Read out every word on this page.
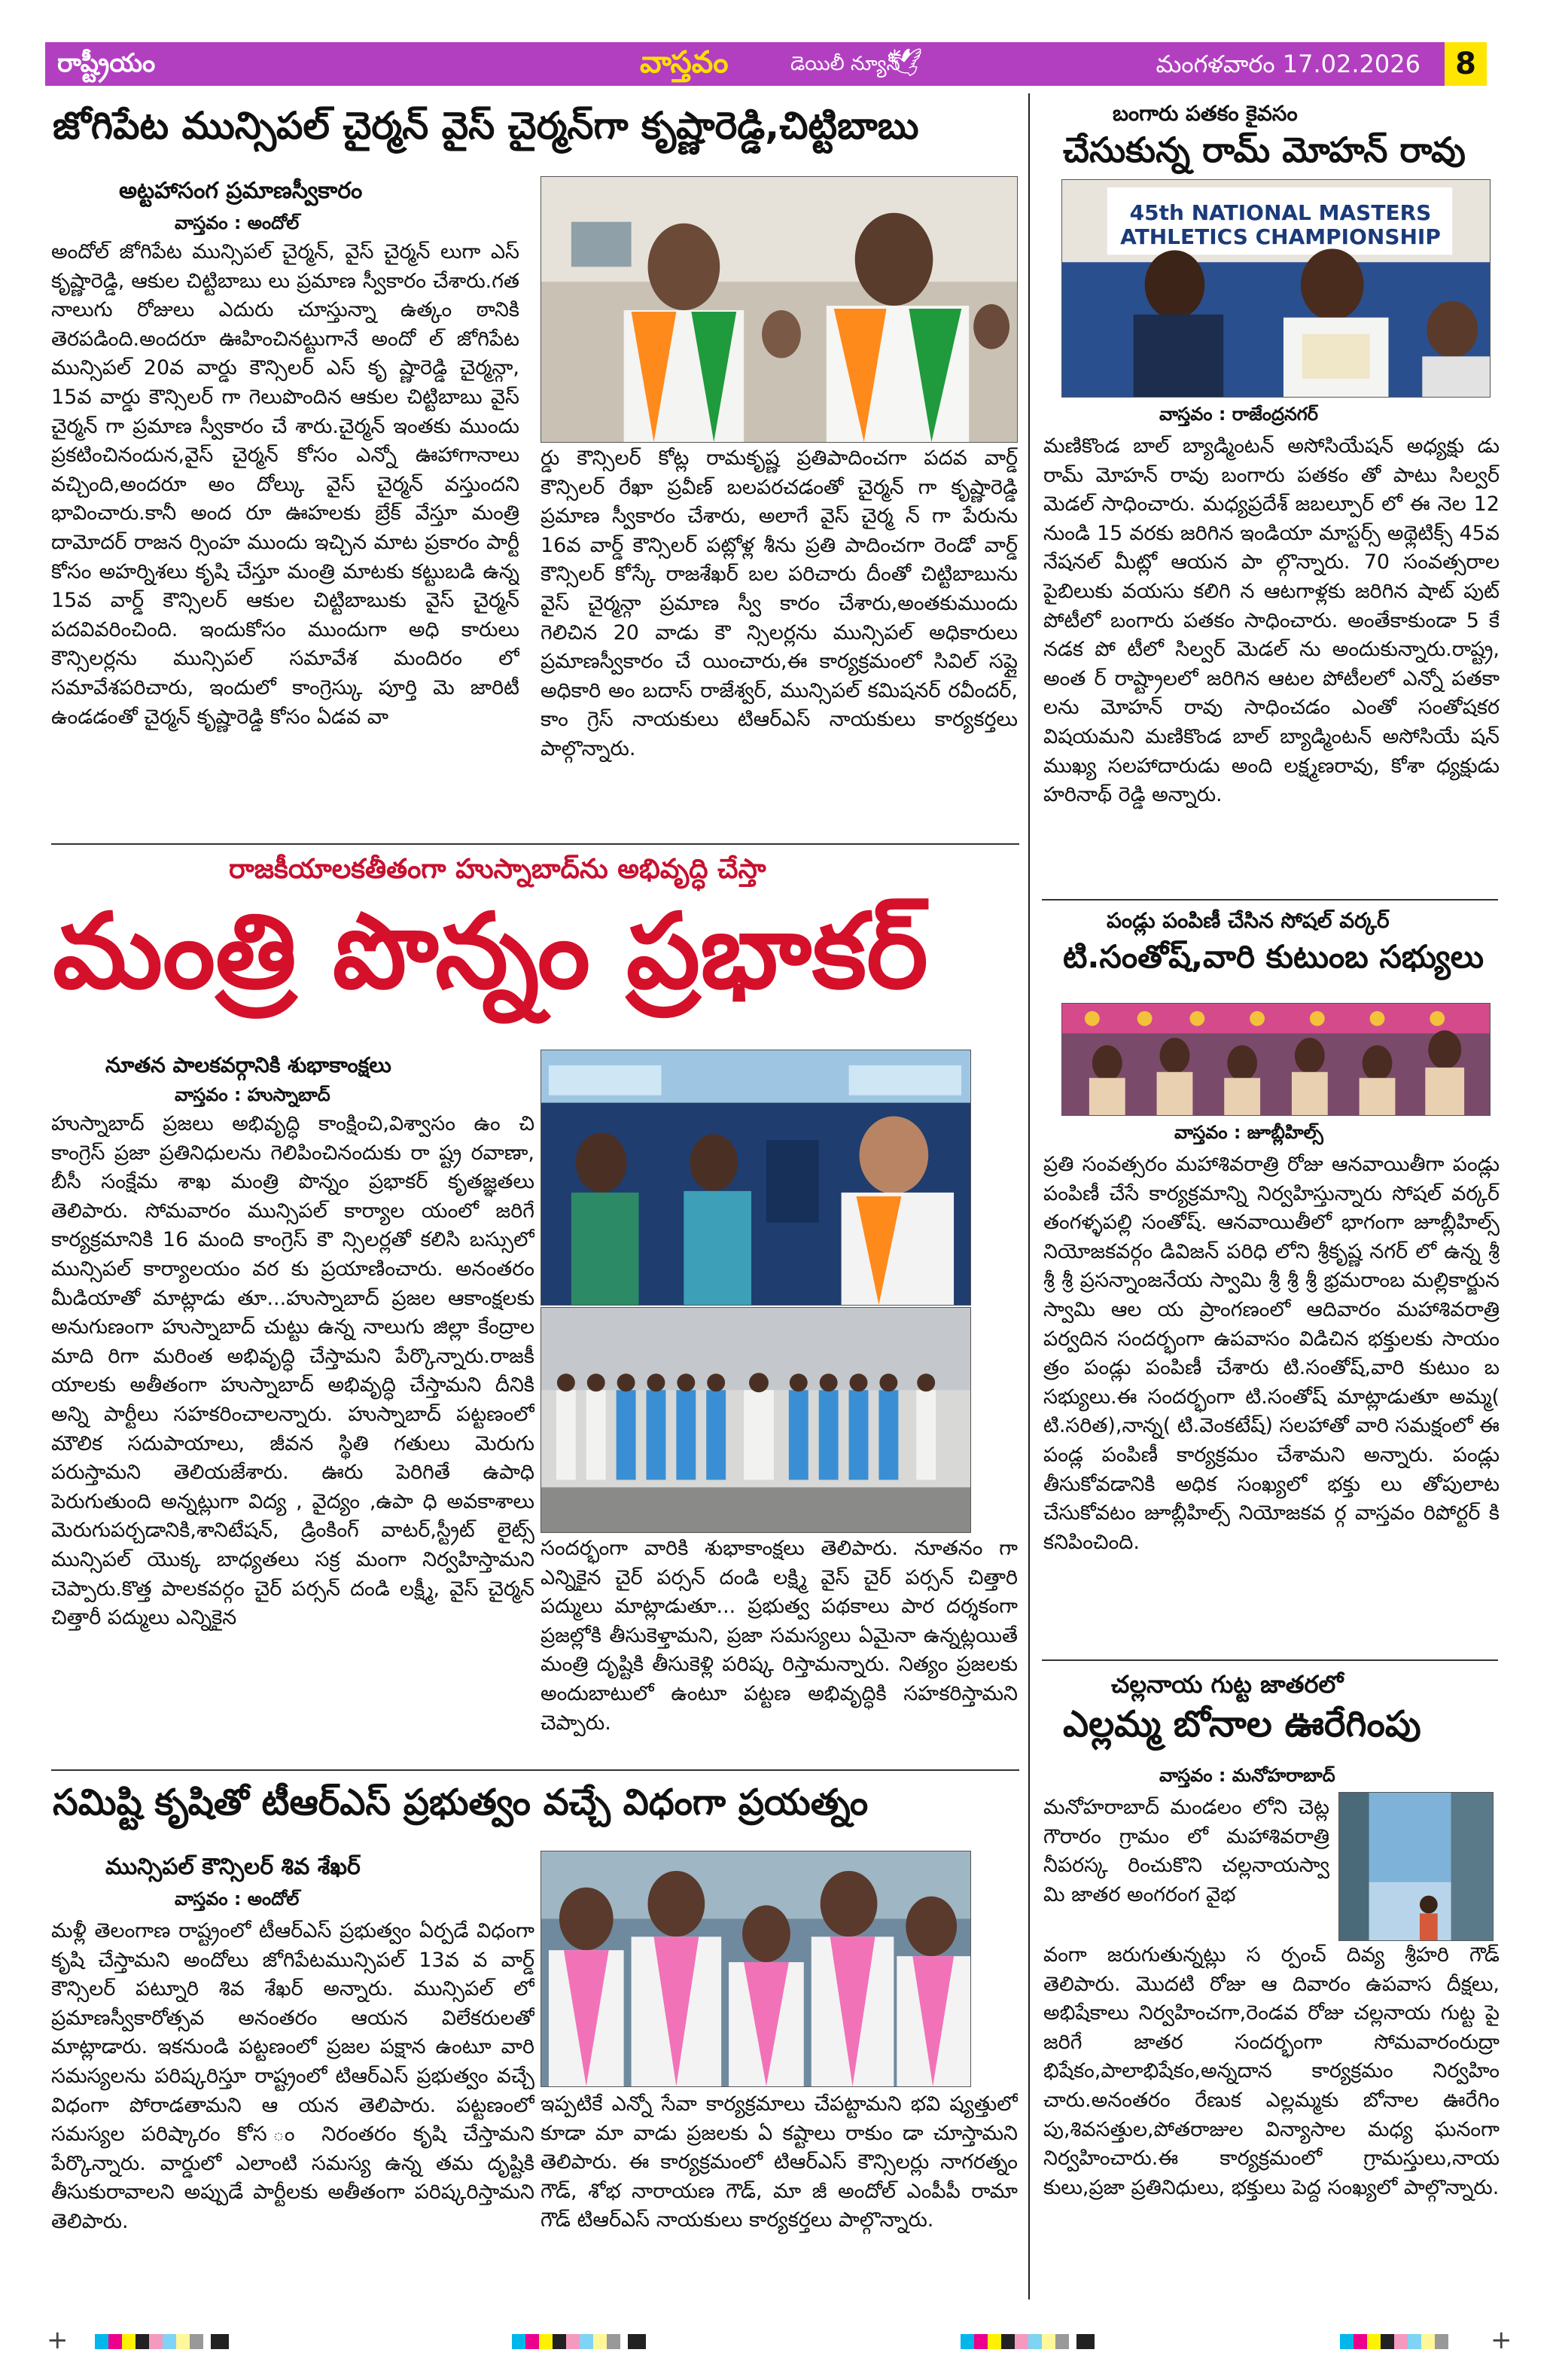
రాష్ట్రీయం	వాస్తవం	డెయిలీ న్యూస్
🕊	మంగళవారం 17.02.2026	8
జోగిపేట మున్సిపల్ చైర్మన్ వైస్ చైర్మన్‌గా కృష్ణారెడ్డి,చిట్టిబాబు
అట్టహాసంగ ప్రమాణస్వీకారం
వాస్తవం : అందోల్
అందోల్ జోగిపేట మున్సిపల్ చైర్మన్, వైస్ చైర్మన్ లుగా ఎస్ కృష్ణారెడ్డి, ఆకుల చిట్టిబాబు లు ప్రమాణ స్వీకారం చేశారు.గత నాలుగు రోజులు ఎదురు చూస్తున్నా ఉత్కం ఠానికి తెరపడింది.అందరూ ఊహించినట్టుగానే అందో ల్ జోగిపేట మున్సిపల్ 20వ వార్డు కౌన్సిలర్ ఎస్ కృ ష్ణారెడ్డి చైర్మన్గా, 15వ వార్డు కౌన్సిలర్ గా గెలుపొందిన ఆకుల చిట్టిబాబు వైస్ చైర్మన్ గా ప్రమాణ స్వీకారం చే శారు.చైర్మన్ ఇంతకు ముందు ప్రకటించినందున,వైస్ చైర్మన్ కోసం ఎన్నో ఊహాగానాలు వచ్చింది,అందరూ అం దోల్కు వైస్ చైర్మన్ వస్తుందని భావించారు.కానీ అంద రూ ఊహలకు బ్రేక్ వేస్తూ మంత్రి దామోదర్ రాజన ర్సింహ ముందు ఇచ్చిన మాట ప్రకారం పార్టీ కోసం అహర్నిశలు కృషి చేస్తూ మంత్రి మాటకు కట్టుబడి ఉన్న 15వ వార్డ్ కౌన్సిలర్ ఆకుల చిట్టిబాబుకు వైస్ చైర్మన్ పదవివరించింది. ఇందుకోసం ముందుగా అధి కారులు కౌన్సిలర్లను మున్సిపల్ సమావేశ మందిరం లో సమావేశపరిచారు, ఇందులో కాంగ్రెస్కు పూర్తి మె జారిటీ ఉండడంతో చైర్మన్ కృష్ణారెడ్డి కోసం ఏడవ వా
ర్డు కౌన్సిలర్ కోట్ల రామకృష్ణ ప్రతిపాదించగా పదవ వార్డ్ కౌన్సిలర్ రేఖా ప్రవీణ్ బలపరచడంతో చైర్మన్ గా కృష్ణారెడ్డి ప్రమాణ స్వీకారం చేశారు, అలాగే వైస్ చైర్మ న్ గా పేరును 16వ వార్డ్ కౌన్సిలర్ పట్లోళ్ల శీను ప్రతి పాదించగా రెండో వార్డ్ కౌన్సిలర్ కోస్కే రాజశేఖర్ బల పరిచారు దీంతో చిట్టిబాబును వైస్ చైర్మన్గా ప్రమాణ స్వీ కారం చేశారు,అంతకుముందు గెలిచిన 20 వాడు కౌ న్సిలర్లను మున్సిపల్ అధికారులు ప్రమాణస్వీకారం చే యించారు,ఈ కార్యక్రమంలో సివిల్ సప్లై అధికారి అం బదాస్ రాజేశ్వర్, మున్సిపల్ కమిషనర్ రవీందర్, కాం గ్రెస్ నాయకులు టిఆర్ఎస్ నాయకులు కార్యకర్తలు పాల్గొన్నారు.
రాజకీయాలకతీతంగా హుస్నాబాద్‌ను అభివృద్ధి చేస్తా
మంత్రి పొన్నం ప్రభాకర్
నూతన పాలకవర్గానికి శుభాకాంక్షలు
వాస్తవం : హుస్నాబాద్
హుస్నాబాద్ ప్రజలు అభివృద్ధి కాంక్షించి,విశ్వాసం ఉం చి కాంగ్రెస్ ప్రజా ప్రతినిధులను గెలిపించినందుకు రా ష్ట్ర రవాణా, బీసీ సంక్షేమ శాఖ మంత్రి పొన్నం ప్రభాకర్ కృతజ్ఞతలు తెలిపారు. సోమవారం మున్సిపల్ కార్యాల యంలో జరిగే కార్యక్రమానికి 16 మంది కాంగ్రెస్ కౌ న్సిలర్లతో కలిసి బస్సులో మున్సిపల్ కార్యాలయం వర కు ప్రయాణించారు. అనంతరం మీడియాతో మాట్లాడు తూ...హుస్నాబాద్ ప్రజల ఆకాంక్షలకు అనుగుణంగా హుస్నాబాద్ చుట్టు ఉన్న నాలుగు జిల్లా కేంద్రాల మాది రిగా మరింత అభివృద్ధి చేస్తామని పేర్కొన్నారు.రాజకీ యాలకు అతీతంగా హుస్నాబాద్ అభివృద్ధి చేస్తామని దీనికి అన్ని పార్టీలు సహకరించాలన్నారు. హుస్నాబాద్ పట్టణంలో మౌలిక సదుపాయాలు, జీవన స్థితి గతులు మెరుగు పరుస్తామని తెలియజేశారు. ఊరు పెరిగితే ఉపాధి పెరుగుతుంది అన్నట్లుగా విద్య , వైద్యం ,ఉపా ధి అవకాశాలు మెరుగుపర్చడానికి,శానిటేషన్, డ్రింకింగ్ వాటర్,స్ట్రీట్ లైట్స్ మున్సిపల్ యొక్క బాధ్యతలు సక్ర మంగా నిర్వహిస్తామని చెప్పారు.కొత్త పాలకవర్గం చైర్ పర్సన్ దండి లక్ష్మీ, వైస్ చైర్మన్ చిత్తారీ పద్ములు ఎన్నికైన
సందర్భంగా వారికి శుభాకాంక్షలు తెలిపారు. నూతనం గా ఎన్నికైన చైర్ పర్సన్ దండి లక్ష్మి వైస్ చైర్ పర్సన్ చిత్తారి పద్ములు మాట్లాడుతూ... ప్రభుత్వ పథకాలు పార దర్శకంగా ప్రజల్లోకి తీసుకెళ్తామని, ప్రజా సమస్యలు ఏమైనా ఉన్నట్లయితే మంత్రి దృష్టికి తీసుకెళ్లి పరిష్క రిస్తామన్నారు. నిత్యం ప్రజలకు అందుబాటులో ఉంటూ పట్టణ అభివృద్ధికి సహకరిస్తామని చెప్పారు.
సమిష్టి కృషితో టీఆర్ఎస్ ప్రభుత్వం వచ్చే విధంగా ప్రయత్నం
మున్సిపల్ కౌన్సిలర్ శివ శేఖర్
వాస్తవం : అందోల్
మళ్లీ తెలంగాణ రాష్ట్రంలో టీఆర్ఎస్ ప్రభుత్వం ఏర్పడే విధంగా కృషి చేస్తామని అందోలు జోగిపేటమున్సిపల్ 13వ వ వార్డ్ కౌన్సిలర్ పట్నూరి శివ శేఖర్ అన్నారు. మున్సిపల్ లో ప్రమాణస్వీకారోత్సవ అనంతరం ఆయన విలేకరులతో మాట్లాడారు. ఇకనుండి పట్టణంలో ప్రజల పక్షాన ఉంటూ వారి సమస్యలను పరిష్కరిస్తూ రాష్ట్రంలో టిఆర్ఎస్ ప్రభుత్వం వచ్చే విధంగా పోరాడతామని ఆ యన తెలిపారు. పట్టణంలో సమస్యల పరిష్కారం కోస ం నిరంతరం కృషి చేస్తామని పేర్కొన్నారు. వార్డులో ఎలాంటి సమస్య ఉన్న తమ దృష్టికి తీసుకురావాలని అప్పుడే పార్టీలకు అతీతంగా పరిష్కరిస్తామని తెలిపారు.
ఇప్పటికే ఎన్నో సేవా కార్యక్రమాలు చేపట్టామని భవి ష్యత్తులో కూడా మా వాడు ప్రజలకు ఏ కష్టాలు రాకుం డా చూస్తామని తెలిపారు. ఈ కార్యక్రమంలో టిఆర్ఎస్ కౌన్సిలర్లు నాగరత్నం గౌడ్, శోభ నారాయణ గౌడ్, మా జీ అందోల్ ఎంపీపీ రామా గౌడ్ టిఆర్ఎస్ నాయకులు కార్యకర్తలు పాల్గొన్నారు.
బంగారు పతకం కైవసం
చేసుకున్న రామ్ మోహన్ రావు
45th NATIONAL MASTERS ATHLETICS CHAMPIONSHIP
వాస్తవం : రాజేంద్రనగర్
మణికొండ బాల్ బ్యాడ్మింటన్ అసోసియేషన్ అధ్యక్షు డు రామ్ మోహన్ రావు బంగారు పతకం తో పాటు సిల్వర్ మెడల్ సాధించారు. మధ్యప్రదేశ్ జబల్పూర్ లో ఈ నెల 12 నుండి 15 వరకు జరిగిన ఇండియా మాస్టర్స్ అథ్లెటిక్స్ 45వ నేషనల్ మీట్లో ఆయన పా ల్గొన్నారు. 70 సంవత్సరాల పైబిలుకు వయసు కలిగి న ఆటగాళ్లకు జరిగిన షాట్ పుట్ పోటీలో బంగారు పతకం సాధించారు. అంతేకాకుండా 5 కే నడక పో టీలో సిల్వర్ మెడల్ ను అందుకున్నారు.రాష్ట్ర, అంత ర్ రాష్ట్రాలలో జరిగిన ఆటల పోటీలలో ఎన్నో పతకా లను మోహన్ రావు సాధించడం ఎంతో సంతోషకర విషయమని మణికొండ బాల్ బ్యాడ్మింటన్ అసోసియే షన్ ముఖ్య సలహాదారుడు అంది లక్ష్మణరావు, కోశా ధ్యక్షుడు హరినాథ్ రెడ్డి అన్నారు.
పండ్లు పంపిణీ చేసిన సోషల్ వర్కర్
టి.సంతోష్,వారి కుటుంబ సభ్యులు
వాస్తవం : జూబ్లీహిల్స్
ప్రతి సంవత్సరం మహాశివరాత్రి రోజు ఆనవాయితీగా పండ్లు పంపిణీ చేసే కార్యక్రమాన్ని నిర్వహిస్తున్నారు సోషల్ వర్కర్ తంగళ్ళపల్లి సంతోష్. ఆనవాయితీలో భాగంగా జూబ్లీహిల్స్ నియోజకవర్గం డివిజన్ పరిధి లోని శ్రీకృష్ణ నగర్ లో ఉన్న శ్రీ శ్రీ శ్రీ ప్రసన్నాంజనేయ స్వామి శ్రీ శ్రీ శ్రీ భ్రమరాంబ మల్లికార్జున స్వామి ఆల య ప్రాంగణంలో ఆదివారం మహాశివరాత్రి పర్వదిన సందర్భంగా ఉపవాసం విడిచిన భక్తులకు సాయం త్రం పండ్లు పంపిణీ చేశారు టి.సంతోష్,వారి కుటుం బ సభ్యులు.ఈ సందర్భంగా టి.సంతోష్ మాట్లాడుతూ అమ్మ( టి.సరిత),నాన్న( టి.వెంకటేష్) సలహాతో వారి సమక్షంలో ఈ పండ్ల పంపిణీ కార్యక్రమం చేశామని అన్నారు. పండ్లు తీసుకోవడానికి అధిక సంఖ్యలో భక్తు లు తోపులాట చేసుకోవటం జూబ్లీహిల్స్ నియోజకవ ర్గ వాస్తవం రిపోర్టర్ కి కనిపించింది.
చల్లనాయ గుట్ట జాతరలో
ఎల్లమ్మ బోనాల ఊరేగింపు
వాస్తవం : మనోహరాబాద్
మనోహరాబాద్ మండలం లోని చెట్ల గౌరారం గ్రామం లో మహాశివరాత్రి నీపరస్క రించుకొని చల్లనాయస్వా మి జాతర అంగరంగ వైభ
వంగా జరుగుతున్నట్లు స ర్పంచ్ దివ్య శ్రీహరి గౌడ్ తెలిపారు. మొదటి రోజు ఆ దివారం ఉపవాస దీక్షలు, అభిషేకాలు నిర్వహించగా,రెండవ రోజు చల్లనాయ గుట్ట పై జరిగే జాతర సందర్భంగా సోమవారంరుద్రా భిషేకం,పాలాభిషేకం,అన్నదాన కార్యక్రమం నిర్వహిం చారు.అనంతరం రేణుక ఎల్లమ్మకు బోనాల ఊరేగిం పు,శివసత్తుల,పోతరాజుల విన్యాసాల మధ్య ఘనంగా నిర్వహించారు.ఈ కార్యక్రమంలో గ్రామస్తులు,నాయ కులు,ప్రజా ప్రతినిధులు, భక్తులు పెద్ద సంఖ్యలో పాల్గొన్నారు.
+	+
